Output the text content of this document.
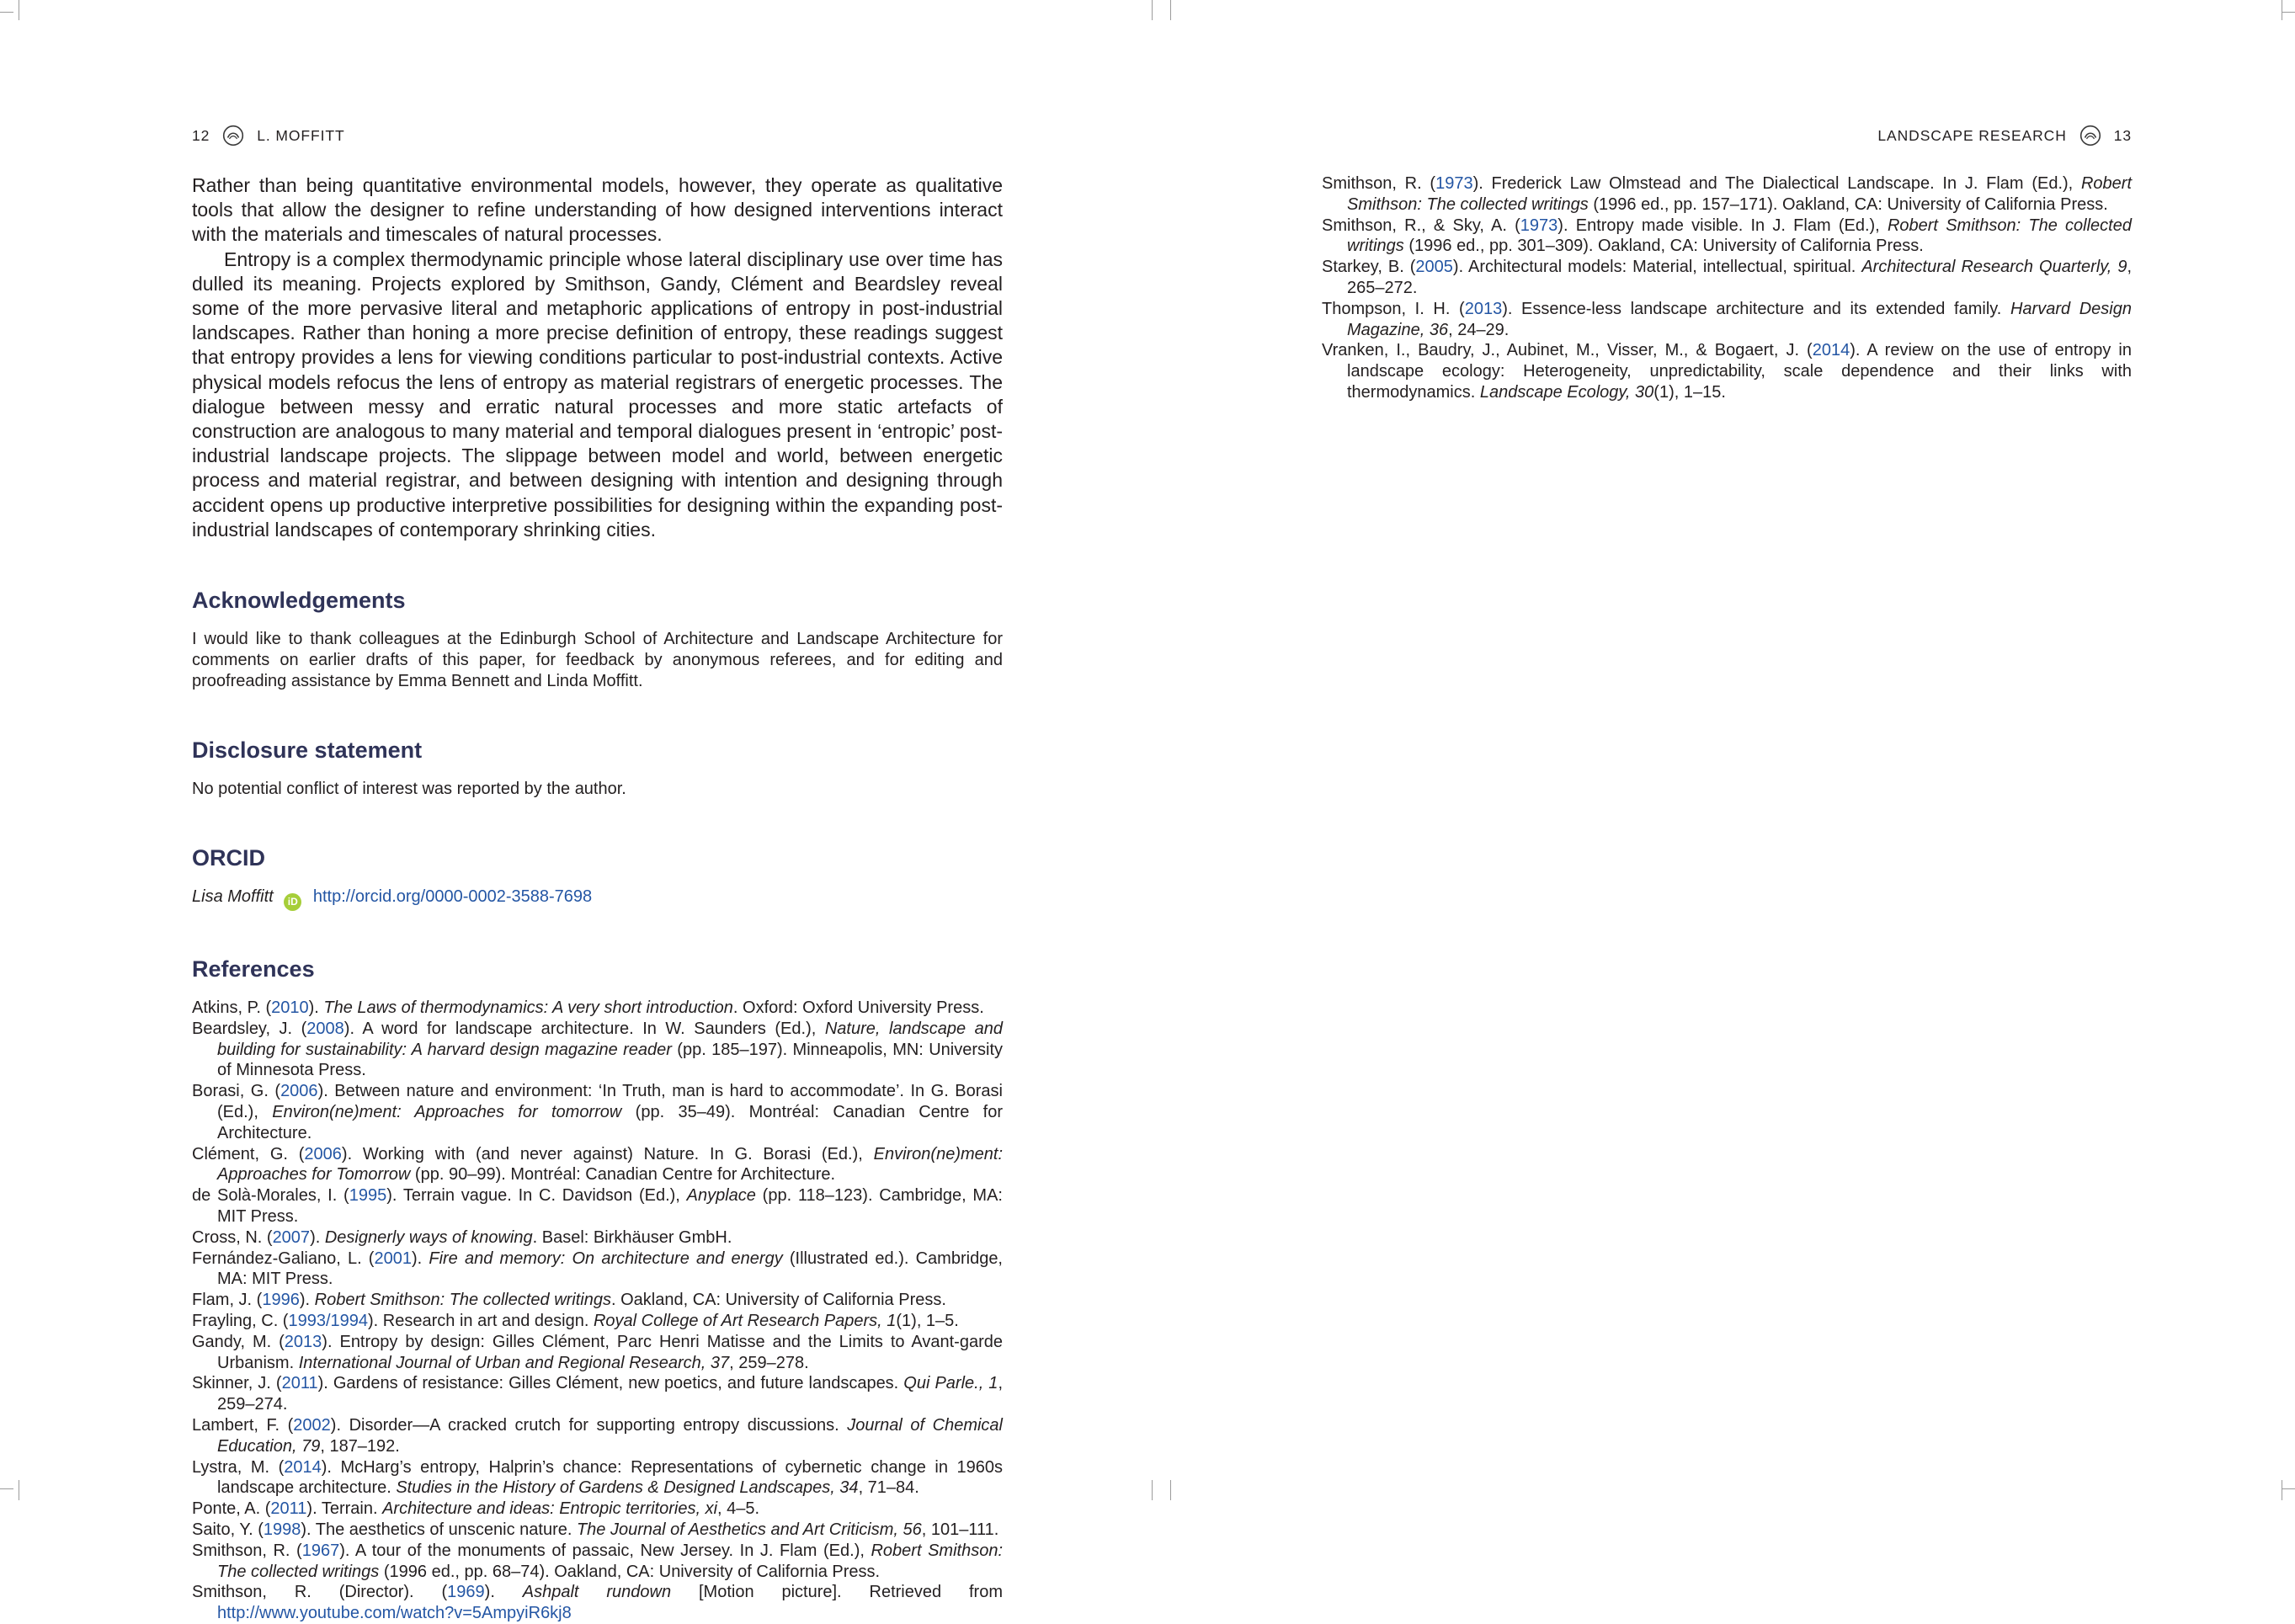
12	L. MOFFITT

Rather than being quantitative environmental models, however, they operate as qualitative tools that allow the designer to refine understanding of how designed interventions interact with the materials and timescales of natural processes.

Entropy is a complex thermodynamic principle whose lateral disciplinary use over time has dulled its meaning. Projects explored by Smithson, Gandy, Clément and Beardsley reveal some of the more pervasive literal and metaphoric applications of entropy in post-industrial landscapes. Rather than honing a more precise definition of entropy, these readings suggest that entropy provides a lens for viewing conditions particular to post-industrial contexts. Active physical models refocus the lens of entropy as material registrars of energetic processes. The dialogue between messy and erratic natural processes and more static artefacts of construction are analogous to many material and temporal dialogues present in ‘entropic’ post-industrial landscape projects. The slippage between model and world, between energetic process and material registrar, and between designing with intention and designing through accident opens up productive interpretive possibilities for designing within the expanding post-industrial landscapes of contemporary shrinking cities.

Acknowledgements

I would like to thank colleagues at the Edinburgh School of Architecture and Landscape Architecture for comments on earlier drafts of this paper, for feedback by anonymous referees, and for editing and proofreading assistance by Emma Bennett and Linda Moffitt.

Disclosure statement

No potential conflict of interest was reported by the author.

ORCID

Lisa Moffitt iD http://orcid.org/0000-0002-3588-7698

References

Atkins, P. (2010). The Laws of thermodynamics: A very short introduction. Oxford: Oxford University Press.

Beardsley, J. (2008). A word for landscape architecture. In W. Saunders (Ed.), Nature, landscape and building for sustainability: A harvard design magazine reader (pp. 185–197). Minneapolis, MN: University of Minnesota Press.

Borasi, G. (2006). Between nature and environment: ‘In Truth, man is hard to accommodate’. In G. Borasi (Ed.), Environ(ne)ment: Approaches for tomorrow (pp. 35–49). Montréal: Canadian Centre for Architecture.

Clément, G. (2006). Working with (and never against) Nature. In G. Borasi (Ed.), Environ(ne)ment: Approaches for Tomorrow (pp. 90–99). Montréal: Canadian Centre for Architecture.

de Solà-Morales, I. (1995). Terrain vague. In C. Davidson (Ed.), Anyplace (pp. 118–123). Cambridge, MA: MIT Press.

Cross, N. (2007). Designerly ways of knowing. Basel: Birkhäuser GmbH.

Fernández-Galiano, L. (2001). Fire and memory: On architecture and energy (Illustrated ed.). Cambridge, MA: MIT Press.

Flam, J. (1996). Robert Smithson: The collected writings. Oakland, CA: University of California Press.

Frayling, C. (1993/1994). Research in art and design. Royal College of Art Research Papers, 1(1), 1–5.

Gandy, M. (2013). Entropy by design: Gilles Clément, Parc Henri Matisse and the Limits to Avant-garde Urbanism. International Journal of Urban and Regional Research, 37, 259–278.

Skinner, J. (2011). Gardens of resistance: Gilles Clément, new poetics, and future landscapes. Qui Parle., 1, 259–274.

Lambert, F. (2002). Disorder—A cracked crutch for supporting entropy discussions. Journal of Chemical Education, 79, 187–192.

Lystra, M. (2014). McHarg’s entropy, Halprin’s chance: Representations of cybernetic change in 1960s landscape architecture. Studies in the History of Gardens & Designed Landscapes, 34, 71–84.

Ponte, A. (2011). Terrain. Architecture and ideas: Entropic territories, xi, 4–5.

Saito, Y. (1998). The aesthetics of unscenic nature. The Journal of Aesthetics and Art Criticism, 56, 101–111.

Smithson, R. (1967). A tour of the monuments of passaic, New Jersey. In J. Flam (Ed.), Robert Smithson: The collected writings (1996 ed., pp. 68–74). Oakland, CA: University of California Press.

Smithson, R. (Director). (1969). Ashpalt rundown [Motion picture]. Retrieved from http://www.youtube.com/watch?v=5AmpyiR6kj8

LANDSCAPE RESEARCH	13

Smithson, R. (1973). Frederick Law Olmstead and The Dialectical Landscape. In J. Flam (Ed.), Robert Smithson: The collected writings (1996 ed., pp. 157–171). Oakland, CA: University of California Press.

Smithson, R., & Sky, A. (1973). Entropy made visible. In J. Flam (Ed.), Robert Smithson: The collected writings (1996 ed., pp. 301–309). Oakland, CA: University of California Press.

Starkey, B. (2005). Architectural models: Material, intellectual, spiritual. Architectural Research Quarterly, 9, 265–272.

Thompson, I. H. (2013). Essence-less landscape architecture and its extended family. Harvard Design Magazine, 36, 24–29.

Vranken, I., Baudry, J., Aubinet, M., Visser, M., & Bogaert, J. (2014). A review on the use of entropy in landscape ecology: Heterogeneity, unpredictability, scale dependence and their links with thermodynamics. Landscape Ecology, 30(1), 1–15.
